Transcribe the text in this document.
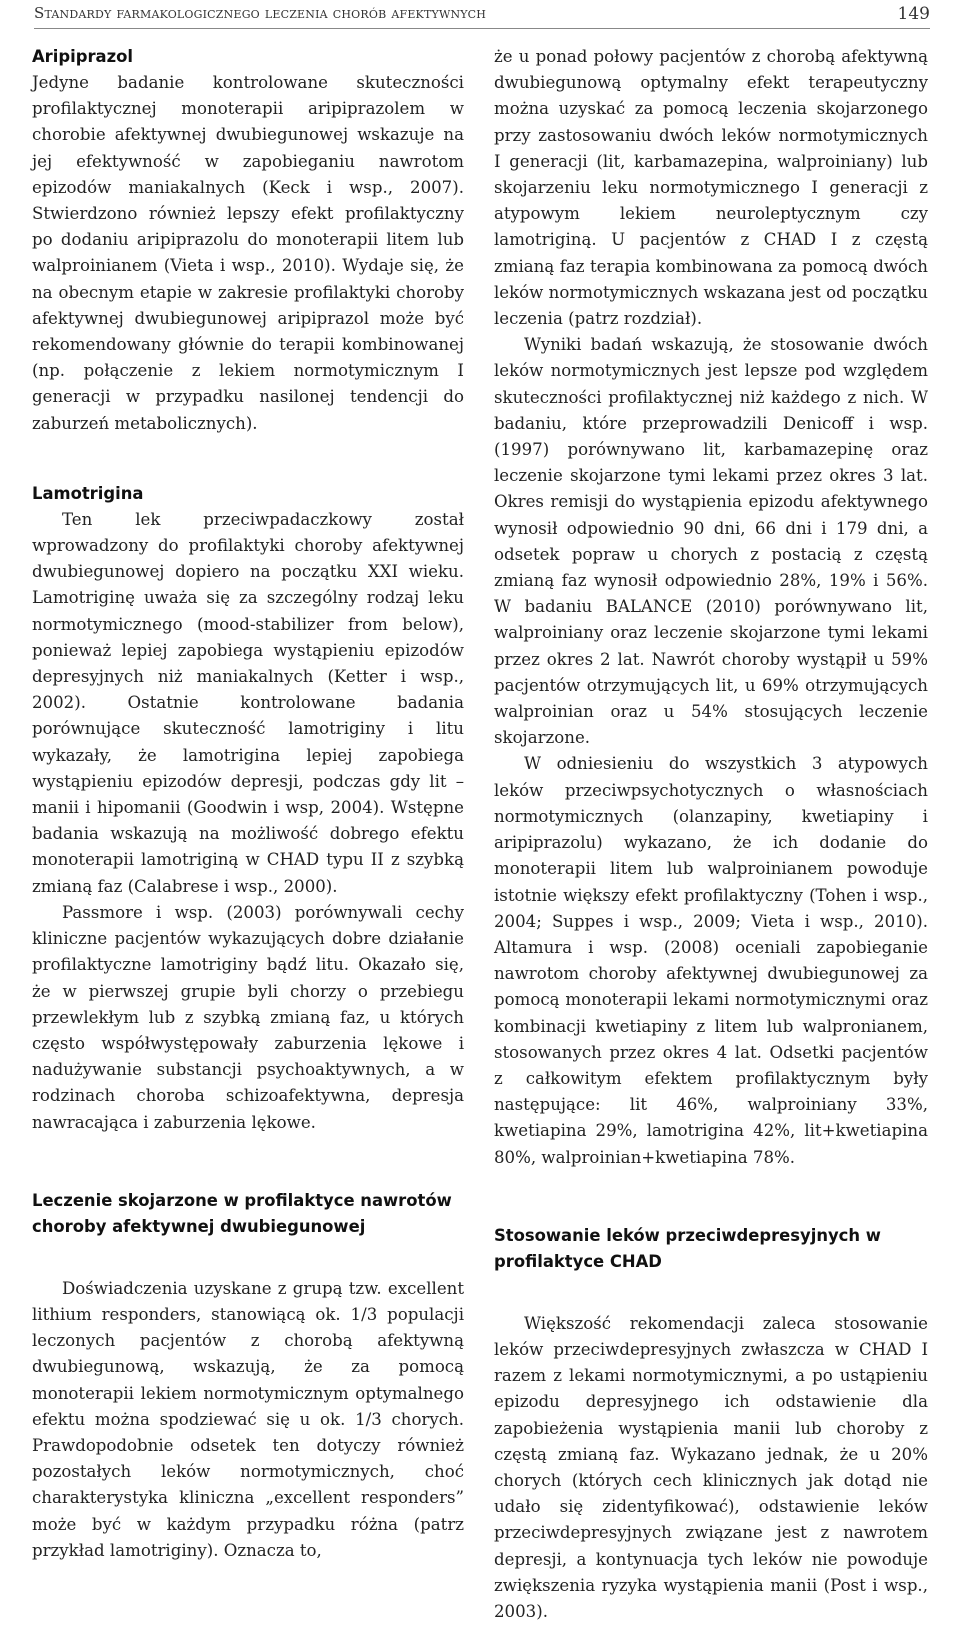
Standardy farmakologicznego leczenia chorób afektywnych	149
Aripiprazol

Jedyne badanie kontrolowane skuteczności profilaktycznej monoterapii aripiprazolem w chorobie afektywnej dwubiegunowej wskazuje na jej efektywność w zapobieganiu nawrotom epizodów maniakalnych (Keck i wsp., 2007). Stwierdzono również lepszy efekt profilaktyczny po dodaniu aripiprazolu do monoterapii litem lub walproinianem (Vieta i wsp., 2010). Wydaje się, że na obecnym etapie w zakresie profilaktyki choroby afektywnej dwubiegunowej aripiprazol może być rekomendowany głównie do terapii kombinowanej (np. połączenie z lekiem normotymicznym I generacji w przypadku nasilonej tendencji do zaburzeń metabolicznych).

Lamotrigina

Ten lek przeciwpadaczkowy został wprowadzony do profilaktyki choroby afektywnej dwubiegunowej dopiero na początku XXI wieku. Lamotriginę uważa się za szczególny rodzaj leku normotymicznego (mood-stabilizer from below), ponieważ lepiej zapobiega wystąpieniu epizodów depresyjnych niż maniakalnych (Ketter i wsp., 2002). Ostatnie kontrolowane badania porównujące skuteczność lamotriginy i litu wykazały, że lamotrigina lepiej zapobiega wystąpieniu epizodów depresji, podczas gdy lit – manii i hipomanii (Goodwin i wsp, 2004). Wstępne badania wskazują na możliwość dobrego efektu monoterapii lamotriginą w CHAD typu II z szybką zmianą faz (Calabrese i wsp., 2000).

Passmore i wsp. (2003) porównywali cechy kliniczne pacjentów wykazujących dobre działanie profilaktyczne lamotriginy bądź litu. Okazało się, że w pierwszej grupie byli chorzy o przebiegu przewlekłym lub z szybką zmianą faz, u których często współwystępowały zaburzenia lękowe i nadużywanie substancji psychoaktywnych, a w rodzinach choroba schizoafektywna, depresja nawracająca i zaburzenia lękowe.

Leczenie skojarzone w profilaktyce nawrotów choroby afektywnej dwubiegunowej

Doświadczenia uzyskane z grupą tzw. excellent lithium responders, stanowiącą ok. 1/3 populacji leczonych pacjentów z chorobą afektywną dwubiegunową, wskazują, że za pomocą monoterapii lekiem normotymicznym optymalnego efektu można spodziewać się u ok. 1/3 chorych. Prawdopodobnie odsetek ten dotyczy również pozostałych leków normotymicznych, choć charakterystyka kliniczna „excellent responders” może być w każdym przypadku różna (patrz przykład lamotriginy). Oznacza to,

że u ponad połowy pacjentów z chorobą afektywną dwubiegunową optymalny efekt terapeutyczny można uzyskać za pomocą leczenia skojarzonego przy zastosowaniu dwóch leków normotymicznych I generacji (lit, karbamazepina, walproiniany) lub skojarzeniu leku normotymicznego I generacji z atypowym lekiem neuroleptycznym czy lamotriginą. U pacjentów z CHAD I z częstą zmianą faz terapia kombinowana za pomocą dwóch leków normotymicznych wskazana jest od początku leczenia (patrz rozdział).

Wyniki badań wskazują, że stosowanie dwóch leków normotymicznych jest lepsze pod względem skuteczności profilaktycznej niż każdego z nich. W badaniu, które przeprowadzili Denicoff i wsp. (1997) porównywano lit, karbamazepinę oraz leczenie skojarzone tymi lekami przez okres 3 lat. Okres remisji do wystąpienia epizodu afektywnego wynosił odpowiednio 90 dni, 66 dni i 179 dni, a odsetek popraw u chorych z postacią z częstą zmianą faz wynosił odpowiednio 28%, 19% i 56%. W badaniu BALANCE (2010) porównywano lit, walproiniany oraz leczenie skojarzone tymi lekami przez okres 2 lat. Nawrót choroby wystąpił u 59% pacjentów otrzymujących lit, u 69% otrzymujących walproinian oraz u 54% stosujących leczenie skojarzone.

W odniesieniu do wszystkich 3 atypowych leków przeciwpsychotycznych o własnościach normotymicznych (olanzapiny, kwetiapiny i aripiprazolu) wykazano, że ich dodanie do monoterapii litem lub walproinianem powoduje istotnie większy efekt profilaktyczny (Tohen i wsp., 2004; Suppes i wsp., 2009; Vieta i wsp., 2010). Altamura i wsp. (2008) oceniali zapobieganie nawrotom choroby afektywnej dwubiegunowej za pomocą monoterapii lekami normotymicznymi oraz kombinacji kwetiapiny z litem lub walpronianem, stosowanych przez okres 4 lat. Odsetki pacjentów z całkowitym efektem profilaktycznym były następujące: lit 46%, walproiniany 33%, kwetiapina 29%, lamotrigina 42%, lit+kwetiapina 80%, walproinian+kwetiapina 78%.

Stosowanie leków przeciwdepresyjnych w profilaktyce CHAD

Większość rekomendacji zaleca stosowanie leków przeciwdepresyjnych zwłaszcza w CHAD I razem z lekami normotymicznymi, a po ustąpieniu epizodu depresyjnego ich odstawienie dla zapobieżenia wystąpienia manii lub choroby z częstą zmianą faz. Wykazano jednak, że u 20% chorych (których cech klinicznych jak dotąd nie udało się zidentyfikować), odstawienie leków przeciwdepresyjnych związane jest z nawrotem depresji, a kontynuacja tych leków nie powoduje zwiększenia ryzyka wystąpienia manii (Post i wsp., 2003).
